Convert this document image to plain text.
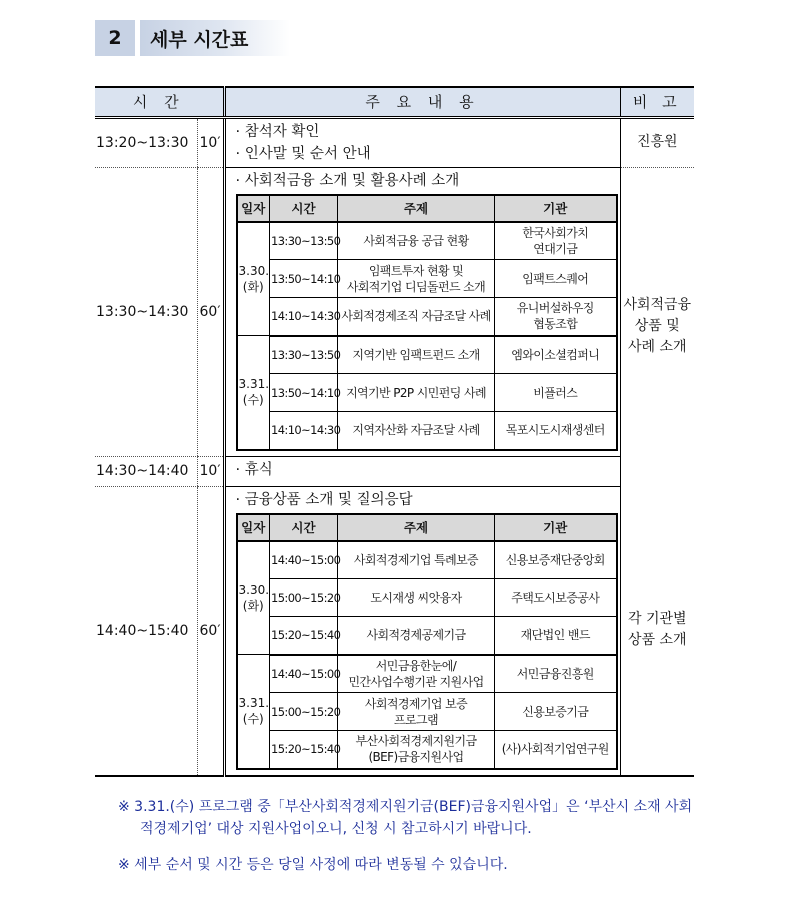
2	세부 시간표
시 간	주 요 내 용	비 고
13:20~13:30	10′	
· 참석자 확인
· 인사말 및 순서 안내
	진흥원
13:30~14:30	60′	
· 사회적금융 소개 및 활용사례 소개
일자	시간	주제	기관
3.30.
(화)	13:30~13:50	사회적금융 공급 현황	한국사회가치
연대기금
13:50~14:10	임팩트투자 현황 및
사회적기업 디딤돌펀드 소개	임팩트스퀘어
14:10~14:30	사회적경제조직 자금조달 사례	유니버설하우징
협동조합
3.31.
(수)	13:30~13:50	지역기반 임팩트펀드 소개	엠와이소셜컴퍼니
13:50~14:10	지역기반 P2P 시민펀딩 사례	비플러스
14:10~14:30	지역자산화 자금조달 사례	목포시도시재생센터
	사회적금융
상품 및
사례 소개
14:30~14:40	10′	· 휴식

14:40~15:40	60′	
· 금융상품 소개 및 질의응답
일자	시간	주제	기관
3.30.
(화)	14:40~15:00	사회적경제기업 특례보증	신용보증재단중앙회
15:00~15:20	도시재생 씨앗융자	주택도시보증공사
15:20~15:40	사회적경제공제기금	재단법인 밴드
3.31.
(수)	14:40~15:00	서민금융한눈에/
민간사업수행기관 지원사업	서민금융진흥원
15:00~15:20	사회적경제기업 보증
프로그램	신용보증기금
15:20~15:40	부산사회적경제지원기금
(BEF)금융지원사업	(사)사회적기업연구원
	각 기관별
상품 소개

※ 3.31.(수) 프로그램 중「부산사회적경제지원기금(BEF)금융지원사업」은 ‘부산시 소재 사회적경제기업’ 대상 지원사업이오니, 신청 시 참고하시기 바랍니다.

※ 세부 순서 및 시간 등은 당일 사정에 따라 변동될 수 있습니다.
